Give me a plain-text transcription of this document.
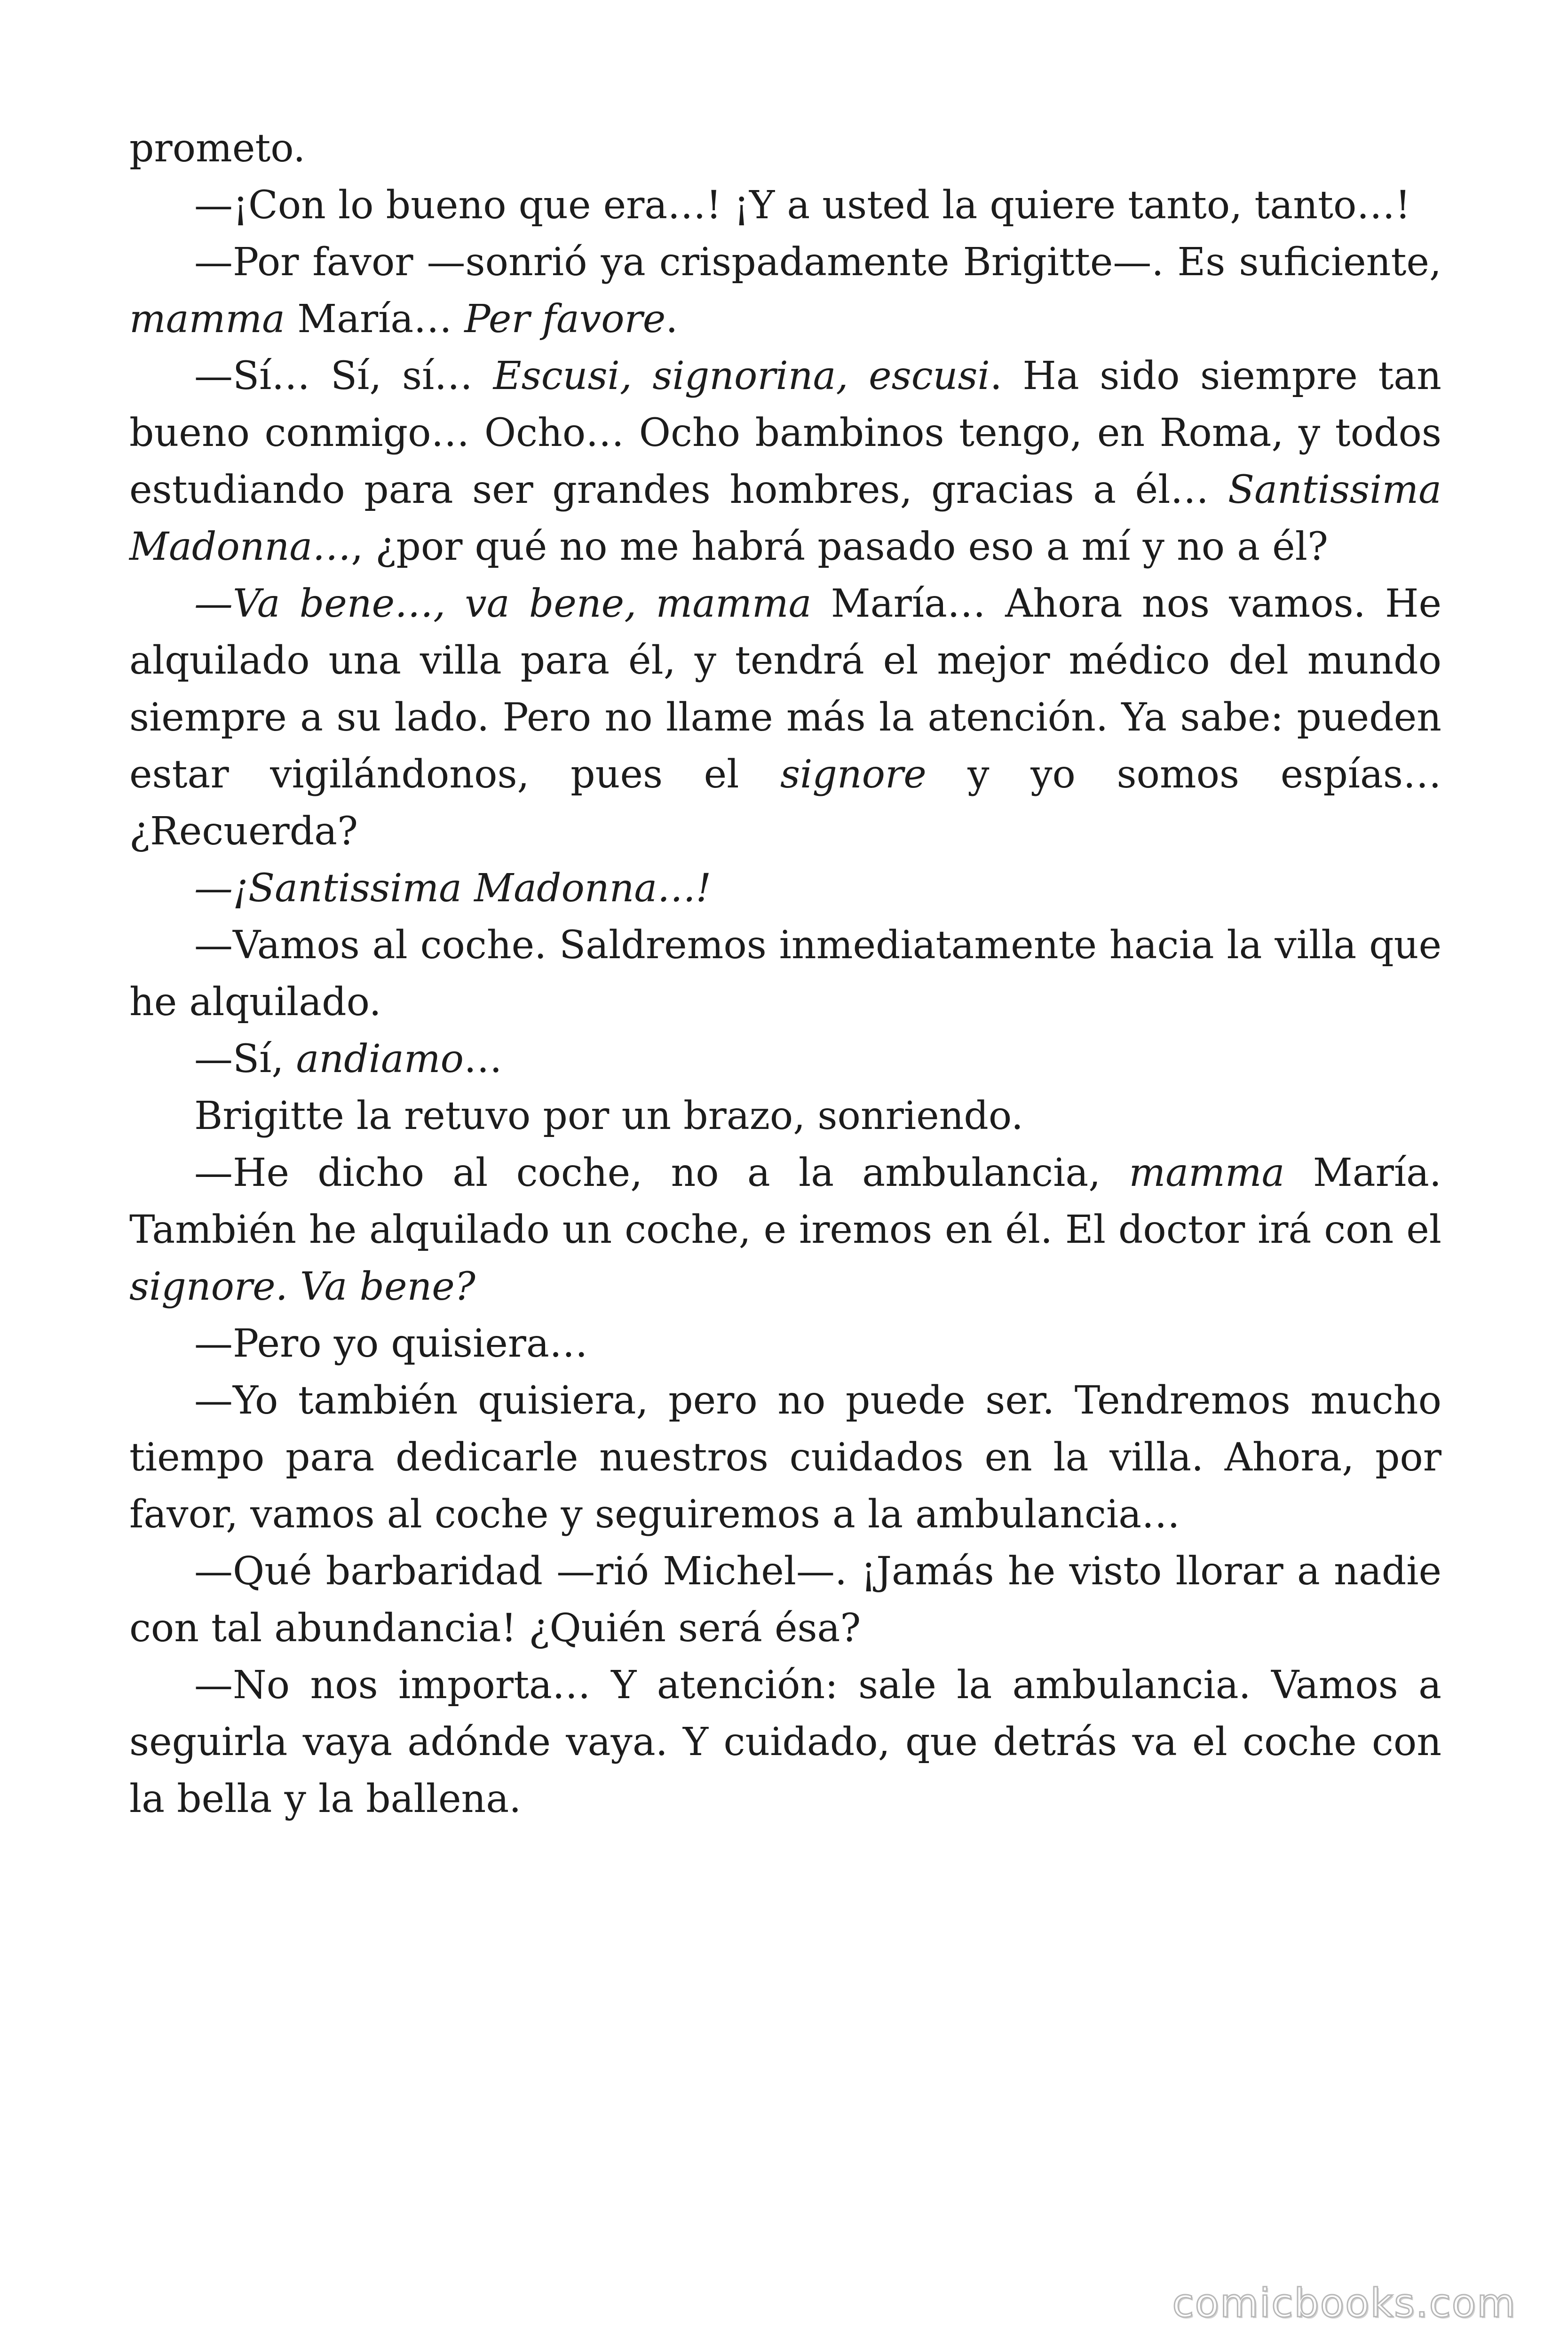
prometo.

—¡Con lo bueno que era…! ¡Y a usted la quiere tanto, tanto…!

—Por favor —sonrió ya crispadamente Brigitte—. Es suficiente, mamma María… Per favore.

—Sí… Sí, sí… Escusi, signorina, escusi. Ha sido siempre tan bueno conmigo… Ocho… Ocho bambinos tengo, en Roma, y todos estudiando para ser grandes hombres, gracias a él… Santissima Madonna…, ¿por qué no me habrá pasado eso a mí y no a él?

—Va bene…, va bene, mamma María… Ahora nos vamos. He alquilado una villa para él, y tendrá el mejor médico del mundo siempre a su lado. Pero no llame más la atención. Ya sabe: pueden estar vigilándonos, pues el signore y yo somos espías… ¿Recuerda?

—¡Santissima Madonna…!

—Vamos al coche. Saldremos inmediatamente hacia la villa que he alquilado.

—Sí, andiamo…

Brigitte la retuvo por un brazo, sonriendo.

—He dicho al coche, no a la ambulancia, mamma María. También he alquilado un coche, e iremos en él. El doctor irá con el signore. Va bene?

—Pero yo quisiera…

—Yo también quisiera, pero no puede ser. Tendremos mucho tiempo para dedicarle nuestros cuidados en la villa. Ahora, por favor, vamos al coche y seguiremos a la ambulancia…

—Qué barbaridad —rió Michel—. ¡Jamás he visto llorar a nadie con tal abundancia! ¿Quién será ésa?

—No nos importa… Y atención: sale la ambulancia. Vamos a seguirla vaya adónde vaya. Y cuidado, que detrás va el coche con la bella y la ballena.

comicbooks.com
